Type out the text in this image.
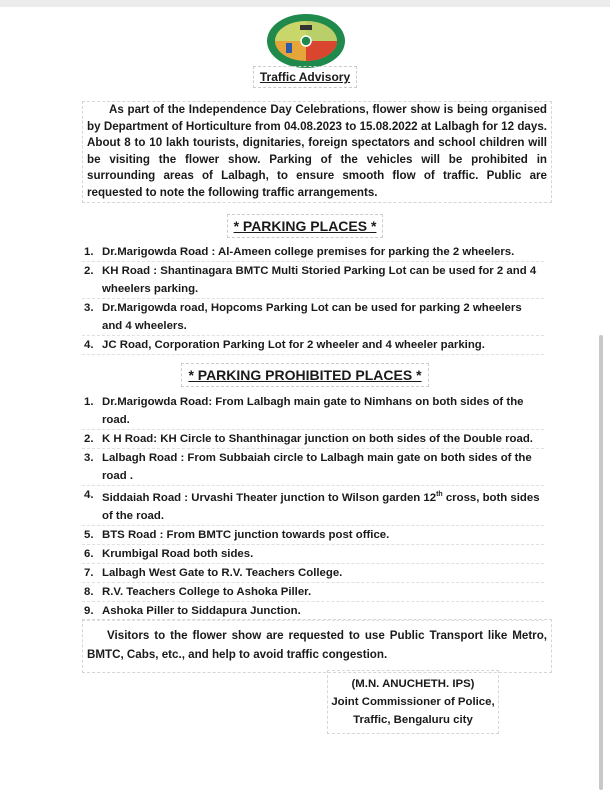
Traffic Advisory
As part of the Independence Day Celebrations, flower show is being organised by Department of Horticulture from 04.08.2023 to 15.08.2022 at Lalbagh for 12 days. About 8 to 10 lakh tourists, dignitaries, foreign spectators and school children will be visiting the flower show. Parking of the vehicles will be prohibited in surrounding areas of Lalbagh, to ensure smooth flow of traffic. Public are requested to note the following traffic arrangements.
* PARKING PLACES *
1. Dr.Marigowda Road : Al-Ameen college premises for parking the 2 wheelers.
2. KH Road : Shantinagara BMTC Multi Storied Parking Lot can be used for 2 and 4 wheelers parking.
3. Dr.Marigowda road, Hopcoms Parking Lot can be used for parking 2 wheelers and 4 wheelers.
4. JC Road, Corporation Parking Lot for 2 wheeler and 4 wheeler parking.
* PARKING PROHIBITED PLACES *
1. Dr.Marigowda Road: From Lalbagh main gate to Nimhans on both sides of the road.
2. K H Road: KH Circle to Shanthinagar junction on both sides of the Double road.
3. Lalbagh Road : From Subbaiah circle to Lalbagh main gate on both sides of the road .
4. Siddaiah Road : Urvashi Theater junction to Wilson garden 12th cross, both sides of the road.
5. BTS Road : From BMTC junction towards post office.
6. Krumbigal Road both sides.
7. Lalbagh West Gate to R.V. Teachers College.
8. R.V. Teachers College to Ashoka Piller.
9. Ashoka Piller to Siddapura Junction.
Visitors to the flower show are requested to use Public Transport like Metro, BMTC, Cabs, etc., and help to avoid traffic congestion.
(M.N. ANUCHETH. IPS)
Joint Commissioner of Police,
Traffic, Bengaluru city
